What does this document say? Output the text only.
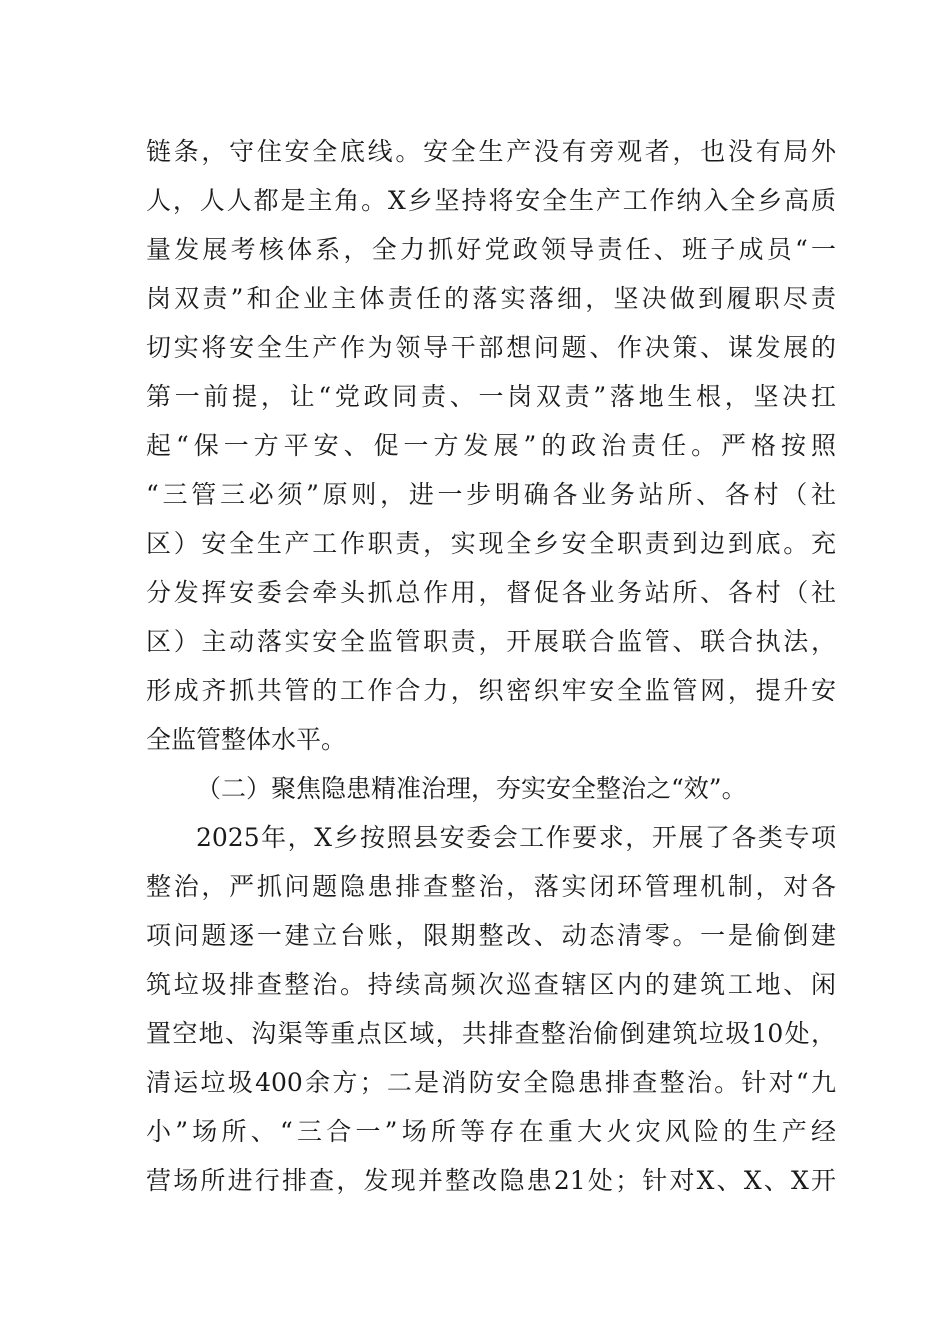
链条，守住安全底线。安全生产没有旁观者，也没有局外
人，人人都是主角。X乡坚持将安全生产工作纳入全乡高质
量发展考核体系，全力抓好党政领导责任、班子成员“一
岗双责”和企业主体责任的落实落细，坚决做到履职尽责
切实将安全生产作为领导干部想问题、作决策、谋发展的
第一前提，让“党政同责、一岗双责”落地生根，坚决扛
起“保一方平安、促一方发展”的政治责任。严格按照
“三管三必须”原则，进一步明确各业务站所、各村（社
区）安全生产工作职责，实现全乡安全职责到边到底。充
分发挥安委会牵头抓总作用，督促各业务站所、各村（社
区）主动落实安全监管职责，开展联合监管、联合执法，
形成齐抓共管的工作合力，织密织牢安全监管网，提升安
全监管整体水平。
（二）聚焦隐患精准治理，夯实安全整治之“效”。
2025年，X乡按照县安委会工作要求，开展了各类专项
整治，严抓问题隐患排查整治，落实闭环管理机制，对各
项问题逐一建立台账，限期整改、动态清零。一是偷倒建
筑垃圾排查整治。持续高频次巡查辖区内的建筑工地、闲
置空地、沟渠等重点区域，共排查整治偷倒建筑垃圾10处，
清运垃圾400余方；二是消防安全隐患排查整治。针对“九
小”场所、“三合一”场所等存在重大火灾风险的生产经
营场所进行排查，发现并整改隐患21处；针对X、X、X开
